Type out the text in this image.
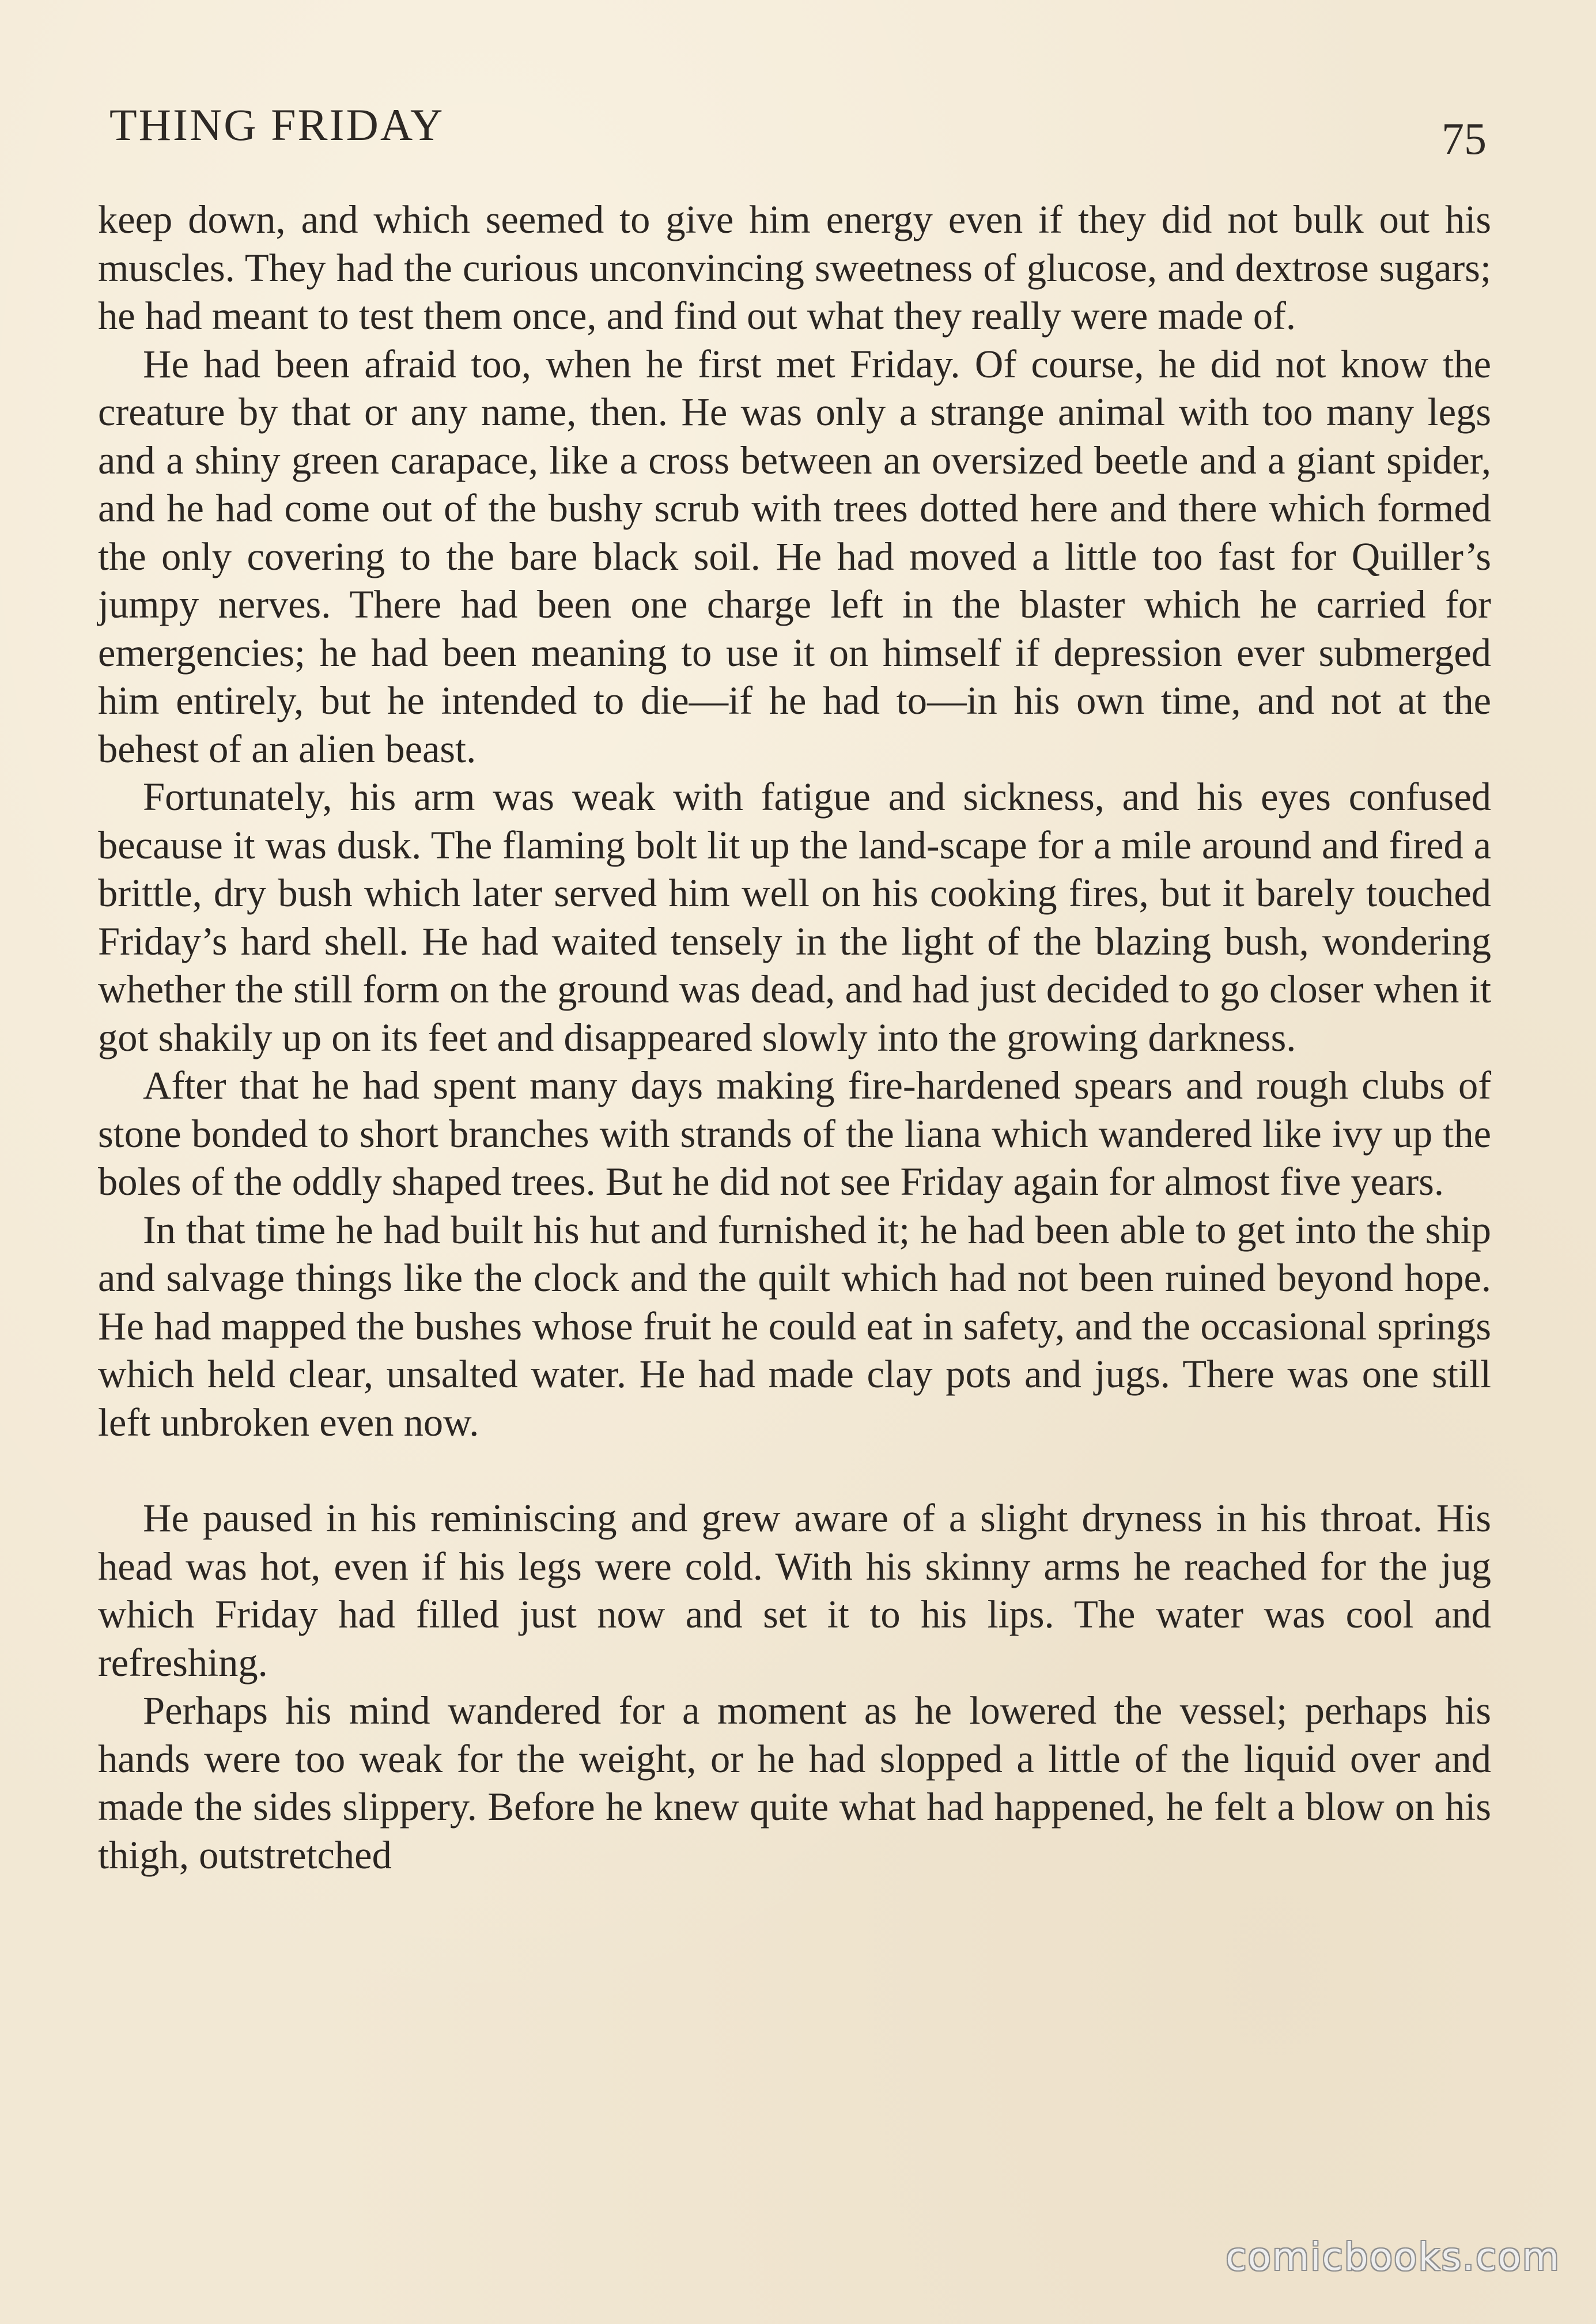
THING FRIDAY	75

keep down, and which seemed to give him energy even if they did not bulk out his muscles. They had the curious unconvincing sweetness of glucose, and dextrose sugars; he had meant to test them once, and find out what they really were made of.

He had been afraid too, when he first met Friday. Of course, he did not know the creature by that or any name, then. He was only a strange animal with too many legs and a shiny green carapace, like a cross between an oversized beetle and a giant spider, and he had come out of the bushy scrub with trees dotted here and there which formed the only covering to the bare black soil. He had moved a little too fast for Quiller’s jumpy nerves. There had been one charge left in the blaster which he carried for emergencies; he had been meaning to use it on himself if depression ever submerged him entirely, but he intended to die—if he had to—in his own time, and not at the behest of an alien beast.

Fortunately, his arm was weak with fatigue and sickness, and his eyes confused because it was dusk. The flaming bolt lit up the land-scape for a mile around and fired a brittle, dry bush which later served him well on his cooking fires, but it barely touched Friday’s hard shell. He had waited tensely in the light of the blazing bush, wondering whether the still form on the ground was dead, and had just decided to go closer when it got shakily up on its feet and disappeared slowly into the growing darkness.

After that he had spent many days making fire-hardened spears and rough clubs of stone bonded to short branches with strands of the liana which wandered like ivy up the boles of the oddly shaped trees. But he did not see Friday again for almost five years.

In that time he had built his hut and furnished it; he had been able to get into the ship and salvage things like the clock and the quilt which had not been ruined beyond hope. He had mapped the bushes whose fruit he could eat in safety, and the occasional springs which held clear, unsalted water. He had made clay pots and jugs. There was one still left unbroken even now.

He paused in his reminiscing and grew aware of a slight dryness in his throat. His head was hot, even if his legs were cold. With his skinny arms he reached for the jug which Friday had filled just now and set it to his lips. The water was cool and refreshing.

Perhaps his mind wandered for a moment as he lowered the vessel; perhaps his hands were too weak for the weight, or he had slopped a little of the liquid over and made the sides slippery. Before he knew quite what had happened, he felt a blow on his thigh, outstretched

comicbooks.com
